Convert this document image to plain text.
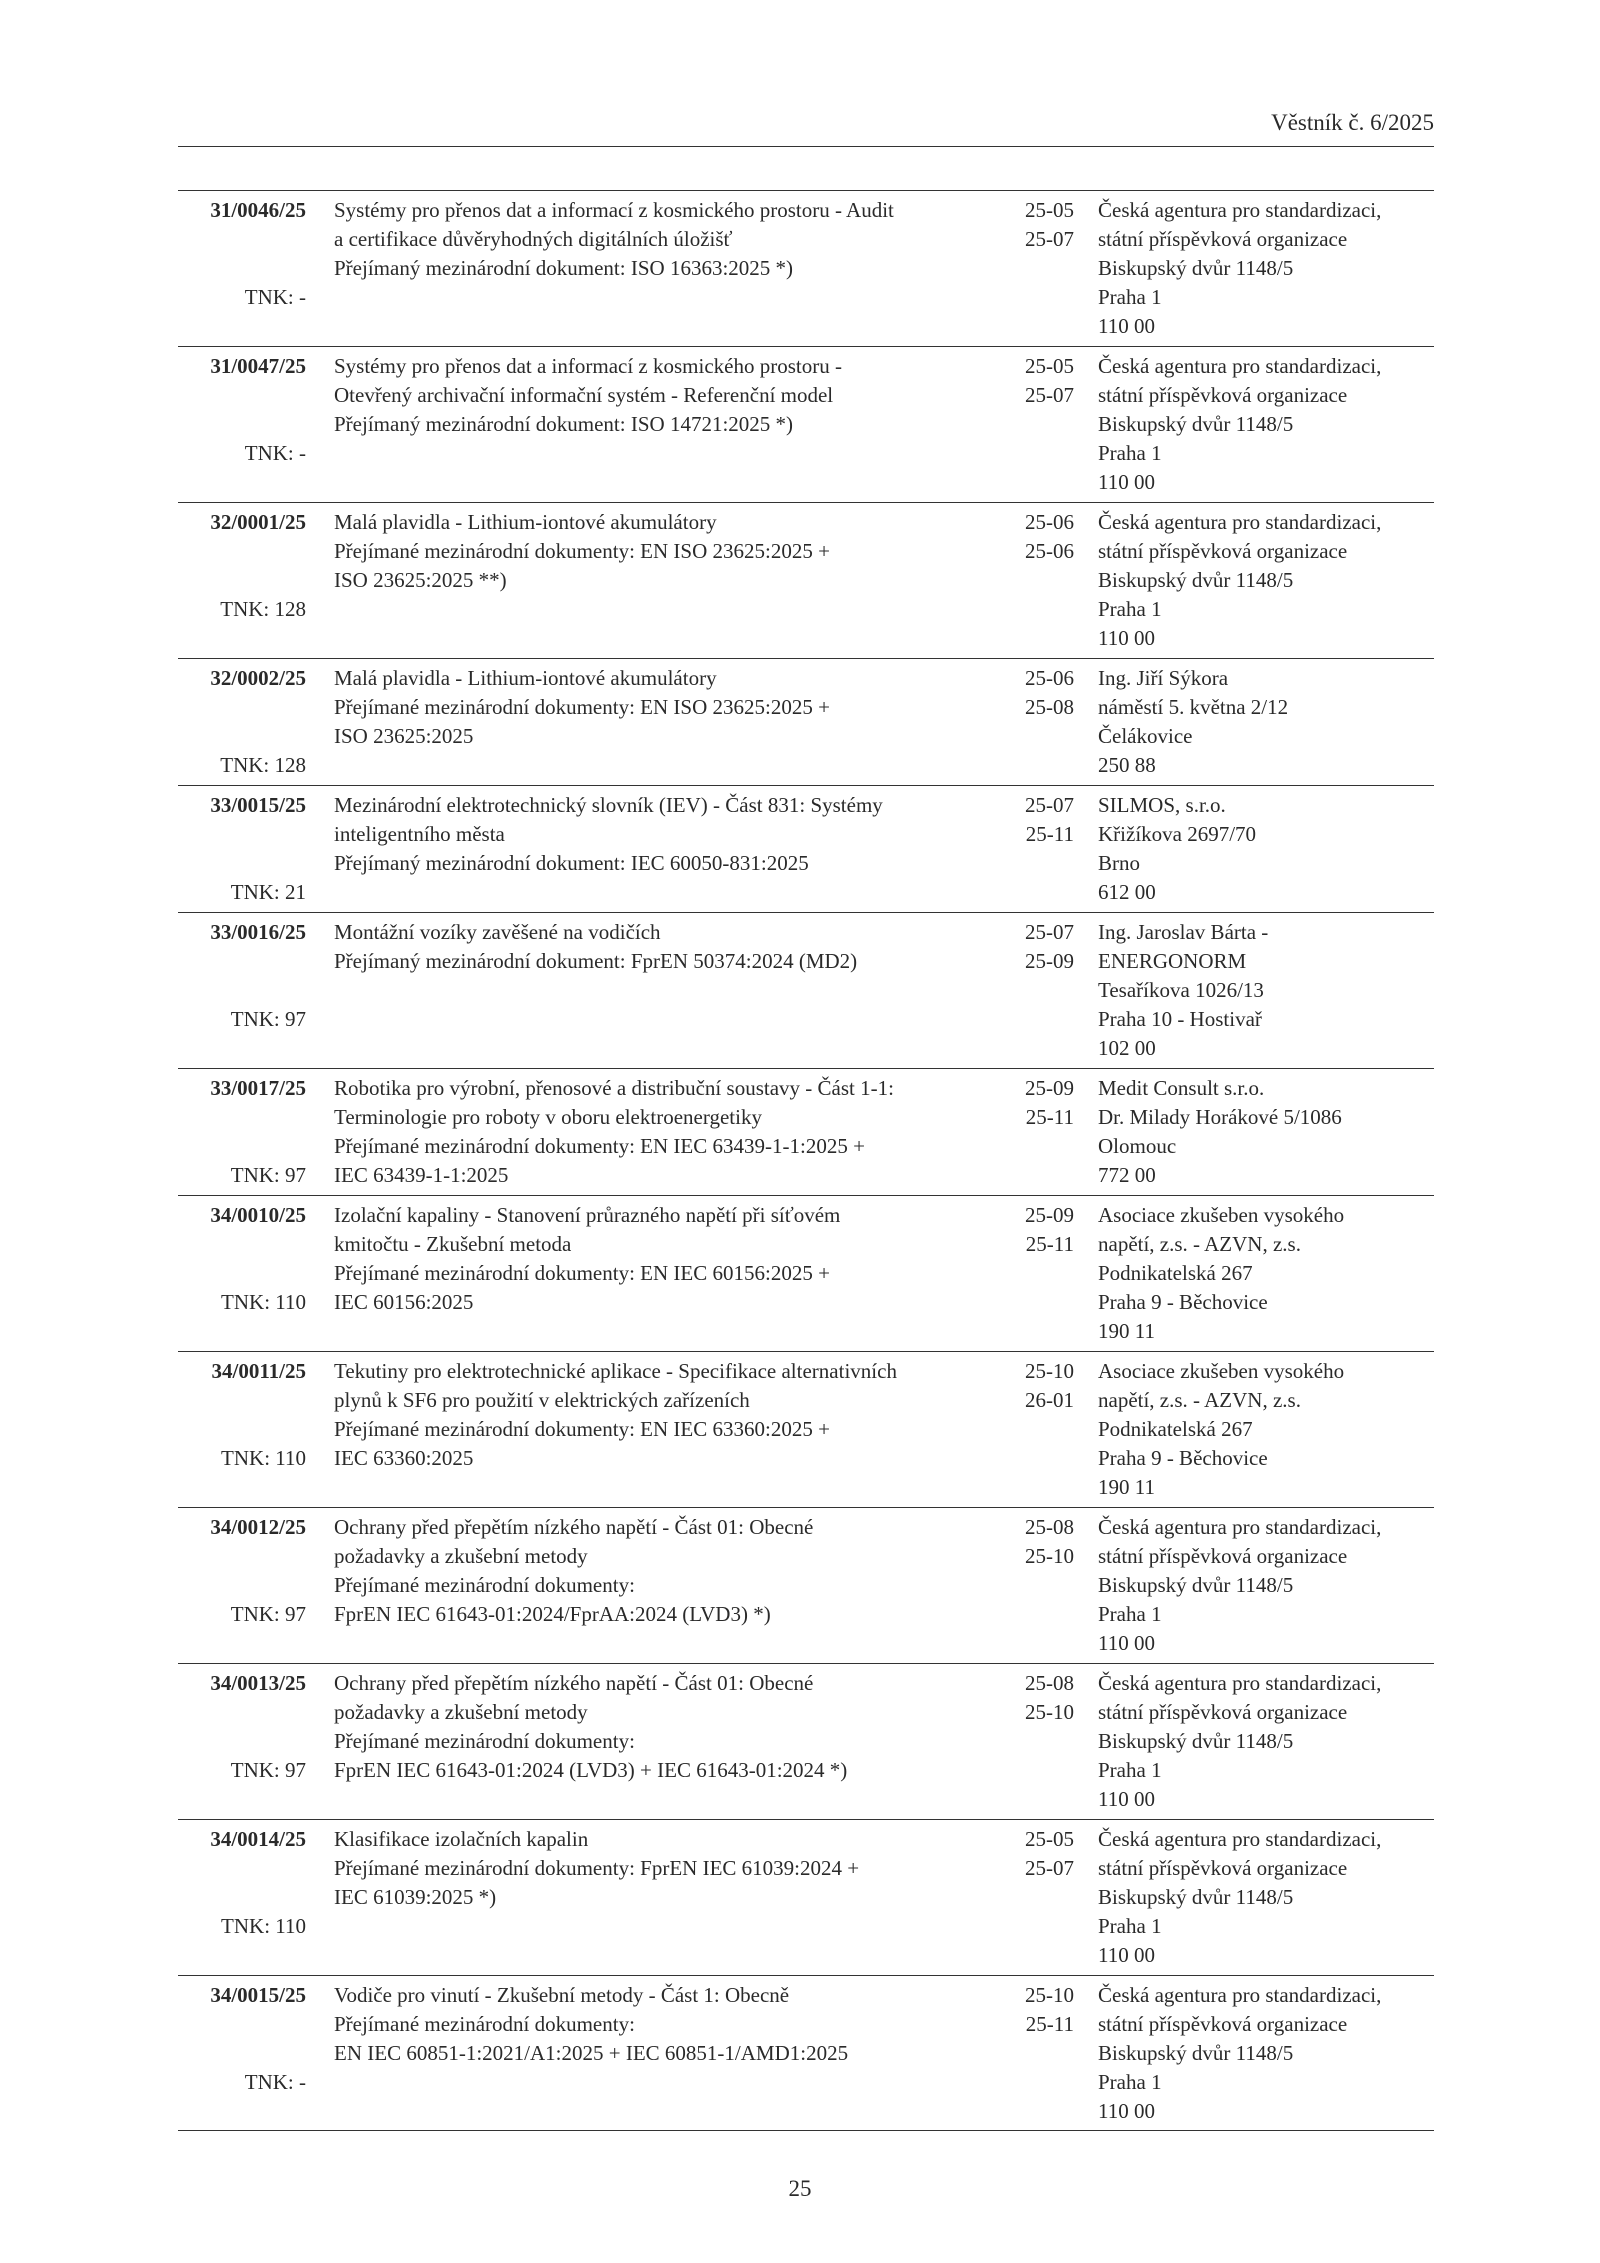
Věstník č. 6/2025
31/0046/25
TNK: -
Systémy pro přenos dat a informací z kosmického prostoru - Audit
a certifikace důvěryhodných digitálních úložišť
Přejímaný mezinárodní dokument: ISO 16363:2025 *)
25-05
25-07
Česká agentura pro standardizaci,
státní příspěvková organizace
Biskupský dvůr 1148/5
Praha 1
110 00
31/0047/25
TNK: -
Systémy pro přenos dat a informací z kosmického prostoru -
Otevřený archivační informační systém - Referenční model
Přejímaný mezinárodní dokument: ISO 14721:2025 *)
25-05
25-07
Česká agentura pro standardizaci,
státní příspěvková organizace
Biskupský dvůr 1148/5
Praha 1
110 00
32/0001/25
TNK: 128
Malá plavidla - Lithium-iontové akumulátory
Přejímané mezinárodní dokumenty: EN ISO 23625:2025 +
ISO 23625:2025 **)
25-06
25-06
Česká agentura pro standardizaci,
státní příspěvková organizace
Biskupský dvůr 1148/5
Praha 1
110 00
32/0002/25
TNK: 128
Malá plavidla - Lithium-iontové akumulátory
Přejímané mezinárodní dokumenty: EN ISO 23625:2025 +
ISO 23625:2025
25-06
25-08
Ing. Jiří Sýkora
náměstí 5. května 2/12
Čelákovice
250 88
33/0015/25
TNK: 21
Mezinárodní elektrotechnický slovník (IEV) - Část 831: Systémy
inteligentního města
Přejímaný mezinárodní dokument: IEC 60050-831:2025
25-07
25-11
SILMOS, s.r.o.
Křižíkova 2697/70
Brno
612 00
33/0016/25
TNK: 97
Montážní vozíky zavěšené na vodičích
Přejímaný mezinárodní dokument: FprEN 50374:2024 (MD2)
25-07
25-09
Ing. Jaroslav Bárta -
ENERGONORM
Tesaříkova 1026/13
Praha 10 - Hostivař
102 00
33/0017/25
TNK: 97
Robotika pro výrobní, přenosové a distribuční soustavy - Část 1-1:
Terminologie pro roboty v oboru elektroenergetiky
Přejímané mezinárodní dokumenty: EN IEC 63439-1-1:2025 +
IEC 63439-1-1:2025
25-09
25-11
Medit Consult s.r.o.
Dr. Milady Horákové 5/1086
Olomouc
772 00
34/0010/25
TNK: 110
Izolační kapaliny - Stanovení průrazného napětí při síťovém
kmitočtu - Zkušební metoda
Přejímané mezinárodní dokumenty: EN IEC 60156:2025 +
IEC 60156:2025
25-09
25-11
Asociace zkušeben vysokého
napětí, z.s. - AZVN, z.s.
Podnikatelská 267
Praha 9 - Běchovice
190 11
34/0011/25
TNK: 110
Tekutiny pro elektrotechnické aplikace - Specifikace alternativních
plynů k SF6 pro použití v elektrických zařízeních
Přejímané mezinárodní dokumenty: EN IEC 63360:2025 +
IEC 63360:2025
25-10
26-01
Asociace zkušeben vysokého
napětí, z.s. - AZVN, z.s.
Podnikatelská 267
Praha 9 - Běchovice
190 11
34/0012/25
TNK: 97
Ochrany před přepětím nízkého napětí - Část 01: Obecné
požadavky a zkušební metody
Přejímané mezinárodní dokumenty:
FprEN IEC 61643-01:2024/FprAA:2024 (LVD3) *)
25-08
25-10
Česká agentura pro standardizaci,
státní příspěvková organizace
Biskupský dvůr 1148/5
Praha 1
110 00
34/0013/25
TNK: 97
Ochrany před přepětím nízkého napětí - Část 01: Obecné
požadavky a zkušební metody
Přejímané mezinárodní dokumenty:
FprEN IEC 61643-01:2024 (LVD3) + IEC 61643-01:2024 *)
25-08
25-10
Česká agentura pro standardizaci,
státní příspěvková organizace
Biskupský dvůr 1148/5
Praha 1
110 00
34/0014/25
TNK: 110
Klasifikace izolačních kapalin
Přejímané mezinárodní dokumenty: FprEN IEC 61039:2024 +
IEC 61039:2025 *)
25-05
25-07
Česká agentura pro standardizaci,
státní příspěvková organizace
Biskupský dvůr 1148/5
Praha 1
110 00
34/0015/25
TNK: -
Vodiče pro vinutí - Zkušební metody - Část 1: Obecně
Přejímané mezinárodní dokumenty:
EN IEC 60851-1:2021/A1:2025 + IEC 60851-1/AMD1:2025
25-10
25-11
Česká agentura pro standardizaci,
státní příspěvková organizace
Biskupský dvůr 1148/5
Praha 1
110 00
25
